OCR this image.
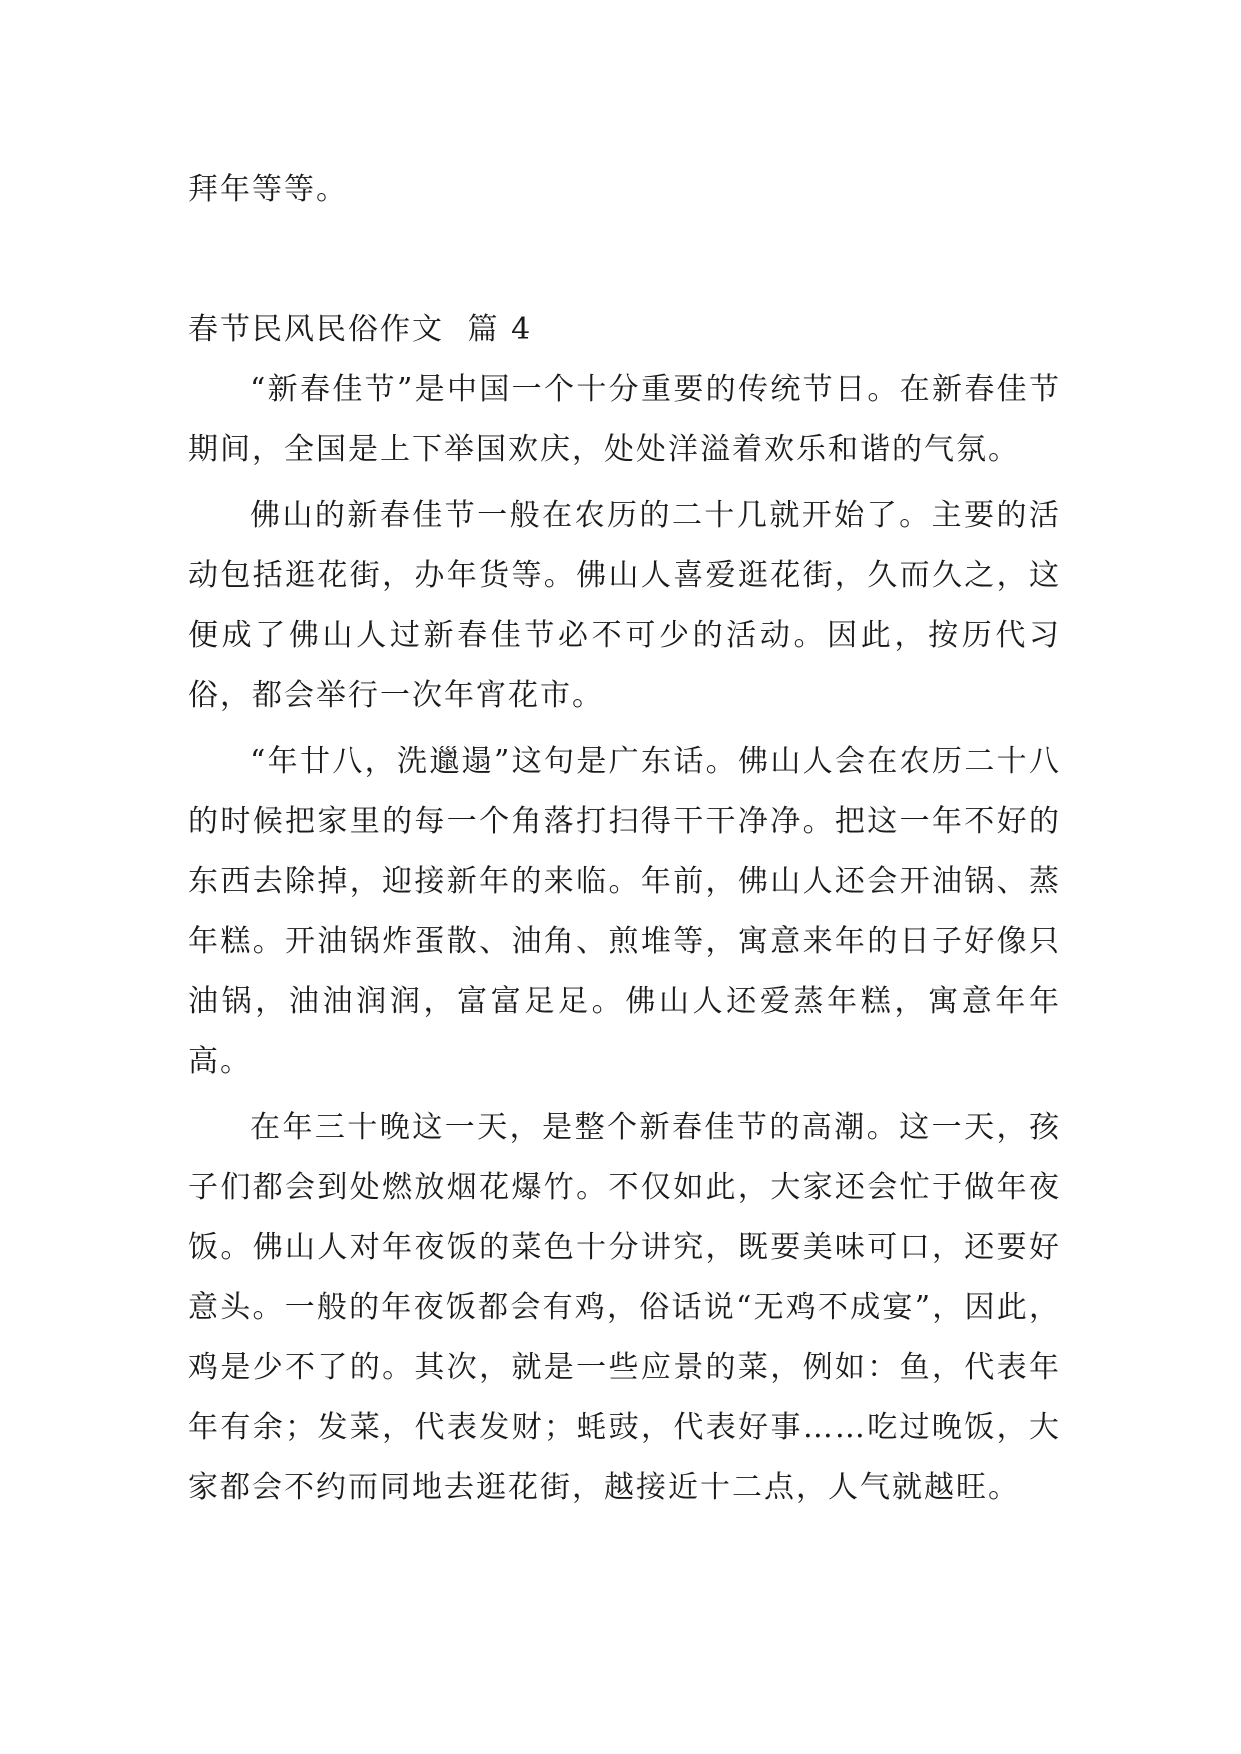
拜年等等。

春节民风民俗作文 篇 4

“新春佳节”是中国一个十分重要的传统节日。在新春佳节期间，全国是上下举国欢庆，处处洋溢着欢乐和谐的气氛。

佛山的新春佳节一般在农历的二十几就开始了。主要的活动包括逛花街，办年货等。佛山人喜爱逛花街，久而久之，这便成了佛山人过新春佳节必不可少的活动。因此，按历代习俗，都会举行一次年宵花市。

“年廿八，洗邋遢”这句是广东话。佛山人会在农历二十八的时候把家里的每一个角落打扫得干干净净。把这一年不好的东西去除掉，迎接新年的来临。年前，佛山人还会开油锅、蒸年糕。开油锅炸蛋散、油角、煎堆等，寓意来年的日子好像只油锅，油油润润，富富足足。佛山人还爱蒸年糕，寓意年年高。

在年三十晚这一天，是整个新春佳节的高潮。这一天，孩子们都会到处燃放烟花爆竹。不仅如此，大家还会忙于做年夜饭。佛山人对年夜饭的菜色十分讲究，既要美味可口，还要好意头。一般的年夜饭都会有鸡，俗话说“无鸡不成宴”，因此，鸡是少不了的。其次，就是一些应景的菜，例如：鱼，代表年年有余；发菜，代表发财；蚝豉，代表好事……吃过晚饭，大家都会不约而同地去逛花街，越接近十二点，人气就越旺。
